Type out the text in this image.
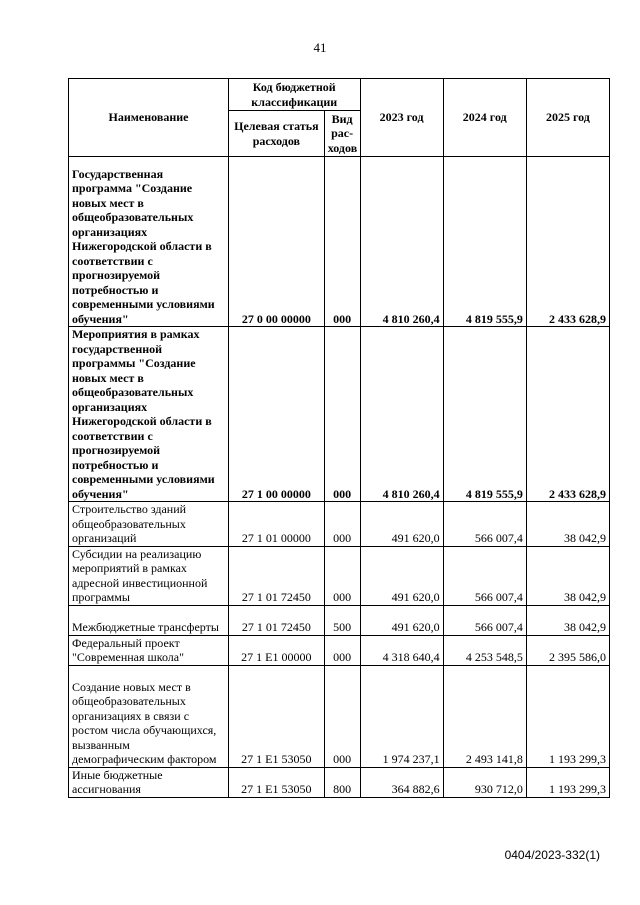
41
Наименование	Код бюджетной классификации		2023 год	2024 год	2025 год
	Целевая статья расходов	Вид рас-ходов			
Государственная программа "Создание новых мест в общеобразовательных организациях Нижегородской области в соответствии с прогнозируемой потребностью и современными условиями обучения"	27 0 00 00000	000	4 810 260,4	4 819 555,9	2 433 628,9
Мероприятия в рамках государственной программы "Создание новых мест в общеобразовательных организациях Нижегородской области в соответствии с прогнозируемой потребностью и современными условиями обучения"	27 1 00 00000	000	4 810 260,4	4 819 555,9	2 433 628,9
Строительство зданий общеобразовательных организаций	27 1 01 00000	000	491 620,0	566 007,4	38 042,9
Субсидии на реализацию мероприятий в рамках адресной инвестиционной программы	27 1 01 72450	000	491 620,0	566 007,4	38 042,9
Межбюджетные трансферты	27 1 01 72450	500	491 620,0	566 007,4	38 042,9
Федеральный проект "Современная школа"	27 1 E1 00000	000	4 318 640,4	4 253 548,5	2 395 586,0
Создание новых мест в общеобразовательных организациях в связи с ростом числа обучающихся, вызванным демографическим фактором	27 1 E1 53050	000	1 974 237,1	2 493 141,8	1 193 299,3
Иные бюджетные ассигнования	27 1 E1 53050	800	364 882,6	930 712,0	1 193 299,3
0404/2023-332(1)
